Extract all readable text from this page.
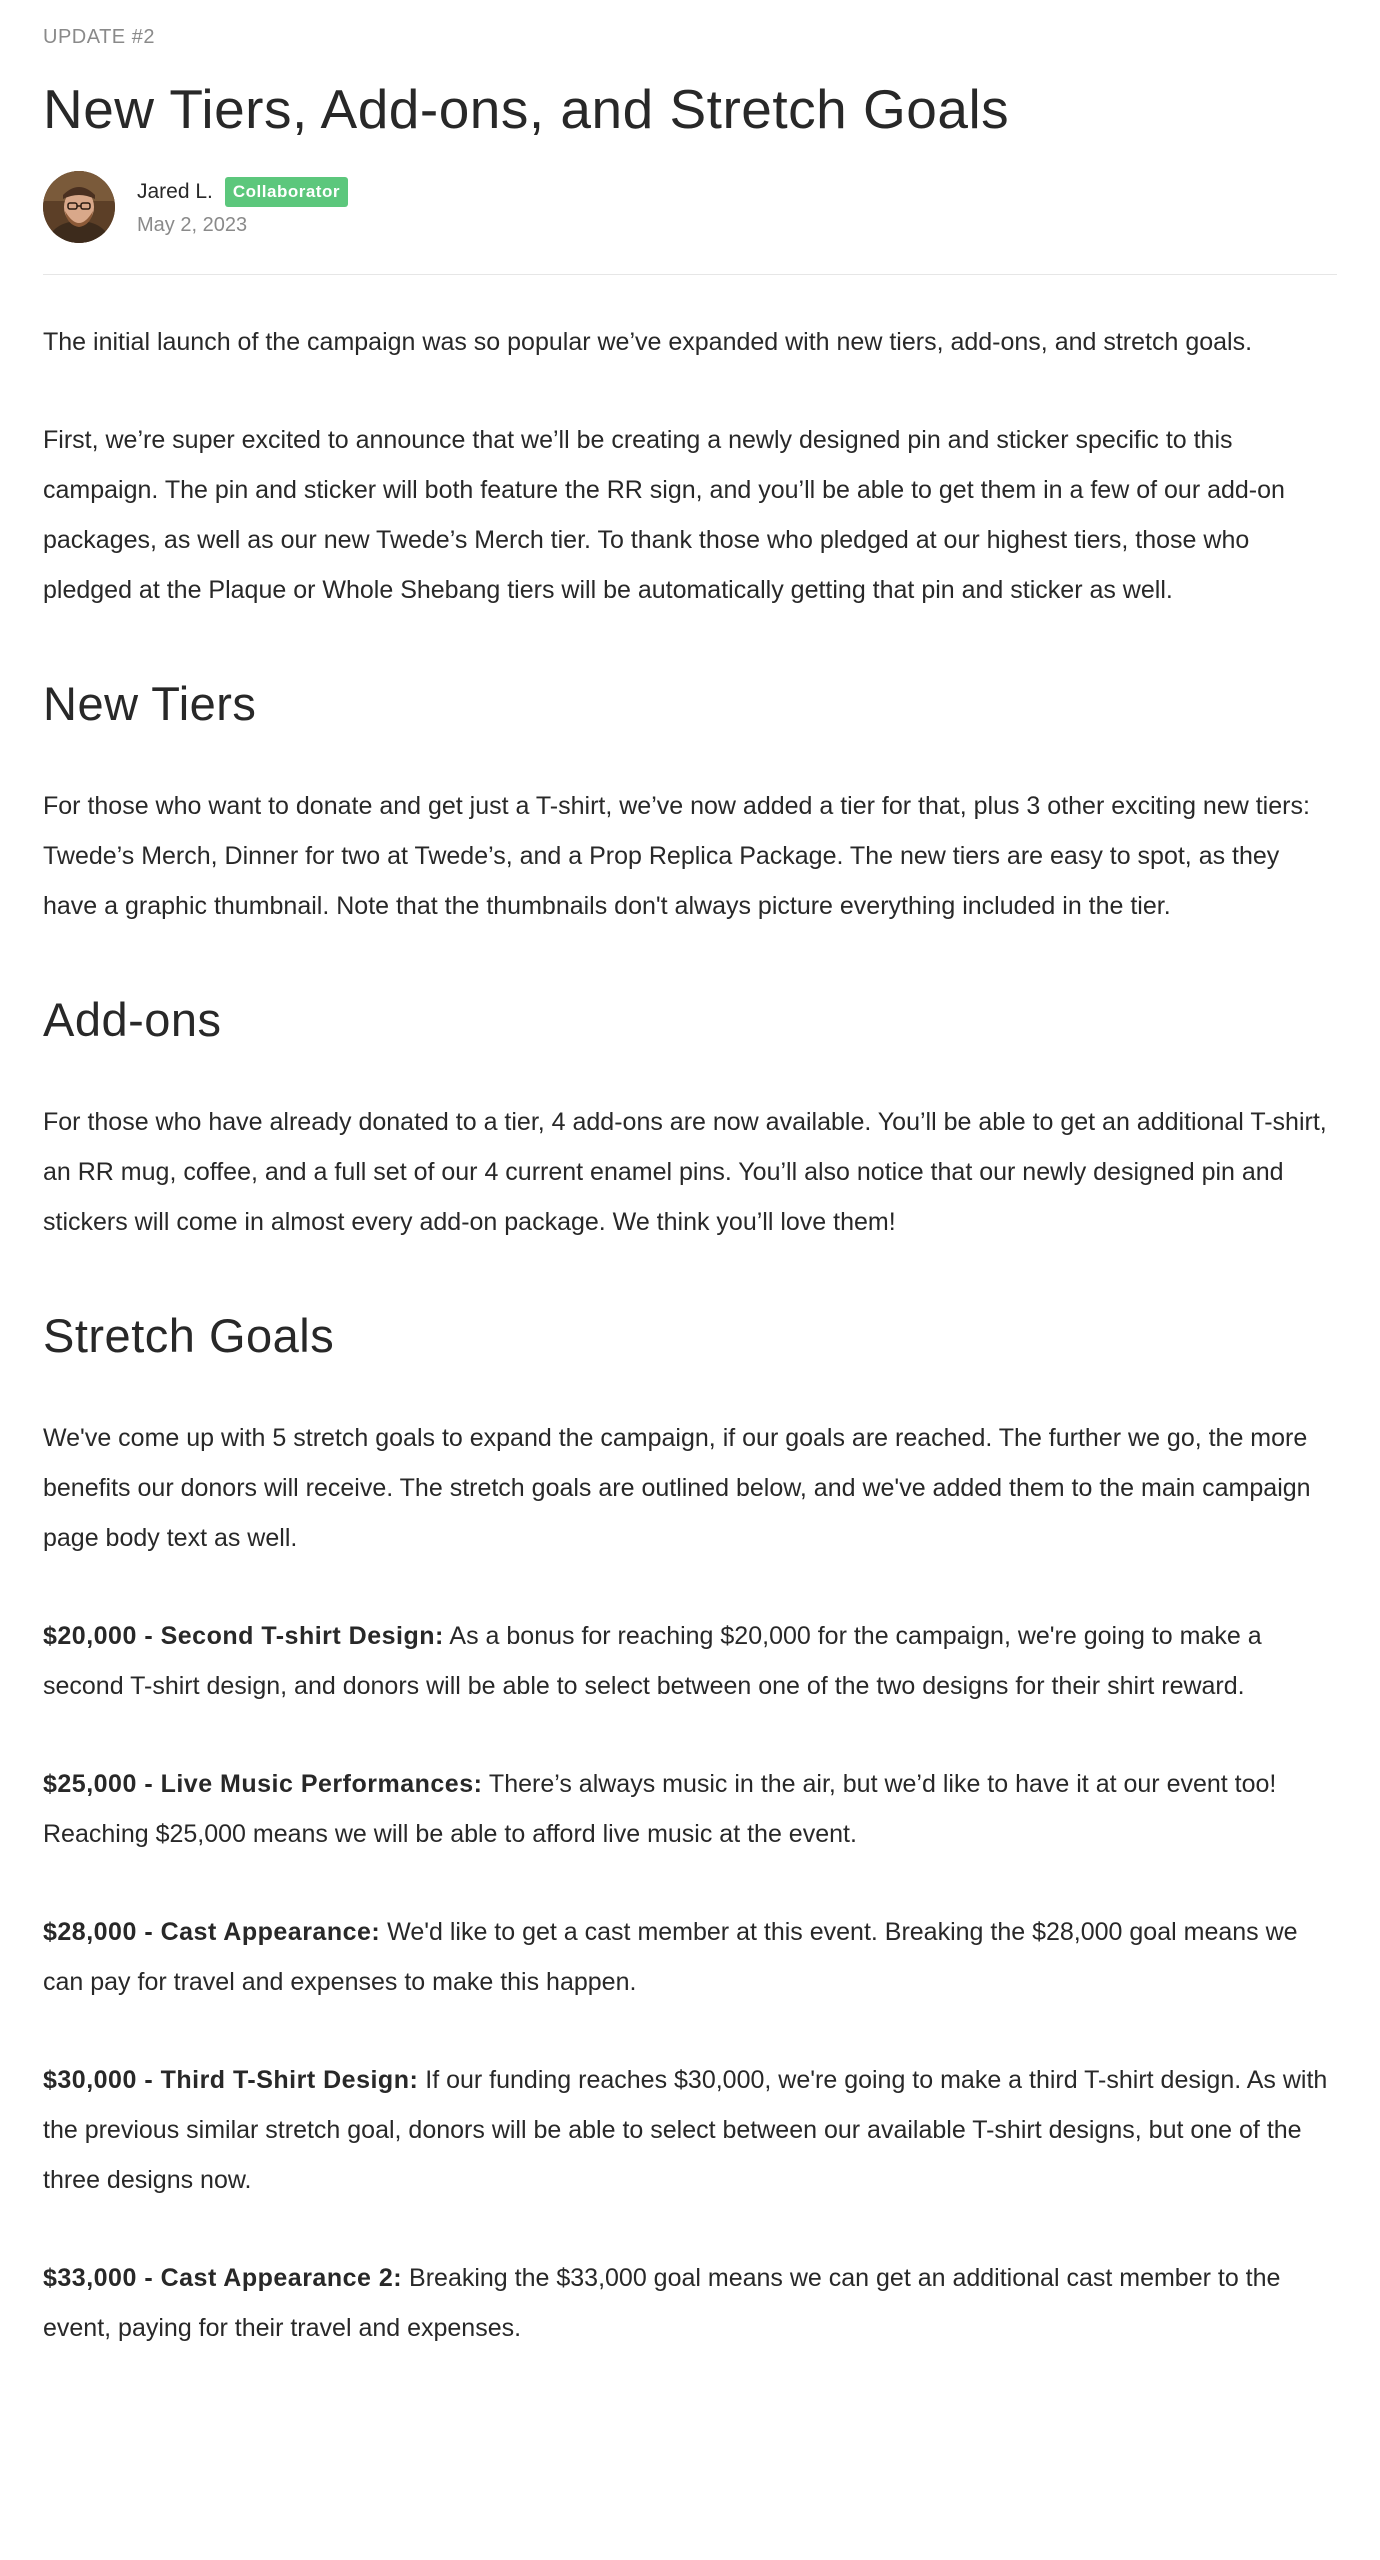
UPDATE #2

New Tiers, Add-ons, and Stretch Goals
Jared L.	Collaborator
May 2, 2023

The initial launch of the campaign was so popular we’ve expanded with new tiers, add-ons, and stretch goals.

First, we’re super excited to announce that we’ll be creating a newly designed pin and sticker specific to this campaign. The pin and sticker will both feature the RR sign, and you’ll be able to get them in a few of our add-on packages, as well as our new Twede’s Merch tier. To thank those who pledged at our highest tiers, those who pledged at the Plaque or Whole Shebang tiers will be automatically getting that pin and sticker as well.

New Tiers

For those who want to donate and get just a T-shirt, we’ve now added a tier for that, plus 3 other exciting new tiers:  Twede’s Merch, Dinner for two at Twede’s, and a Prop Replica Package. The new tiers are easy to spot, as they have a graphic thumbnail. Note that the thumbnails don't always picture everything included in the tier.

Add-ons

For those who have already donated to a tier, 4 add-ons are now available. You’ll be able to get an additional T-shirt, an RR mug, coffee, and a full set of our 4 current enamel pins. You’ll also notice that our newly designed pin and stickers will come in almost every add-on package. We think you’ll love them!

Stretch Goals

We've come up with 5 stretch goals to expand the campaign, if our goals are reached. The further we go, the more benefits our donors will receive. The stretch goals are outlined below, and we've added them to the main campaign page body text as well.

$20,000 - Second T-shirt Design: As a bonus for reaching $20,000 for the campaign, we're going to make a second T-shirt design, and donors will be able to select between one of the two designs for their shirt reward.

$25,000 - Live Music Performances: There’s always music in the air, but we’d like to have it at our event too! Reaching $25,000 means we will be able to afford live music at the event.

$28,000 - Cast Appearance: We'd like to get a cast member at this event. Breaking the $28,000 goal means we can pay for travel and expenses to make this happen.

$30,000 - Third T-Shirt Design: If our funding reaches $30,000, we're going to make a third T-shirt design. As with the previous similar stretch goal, donors will be able to select between our available T-shirt designs, but one of the three designs now.

$33,000 - Cast Appearance 2: Breaking the $33,000 goal means we can get an additional cast member to the event, paying for their travel and expenses.
